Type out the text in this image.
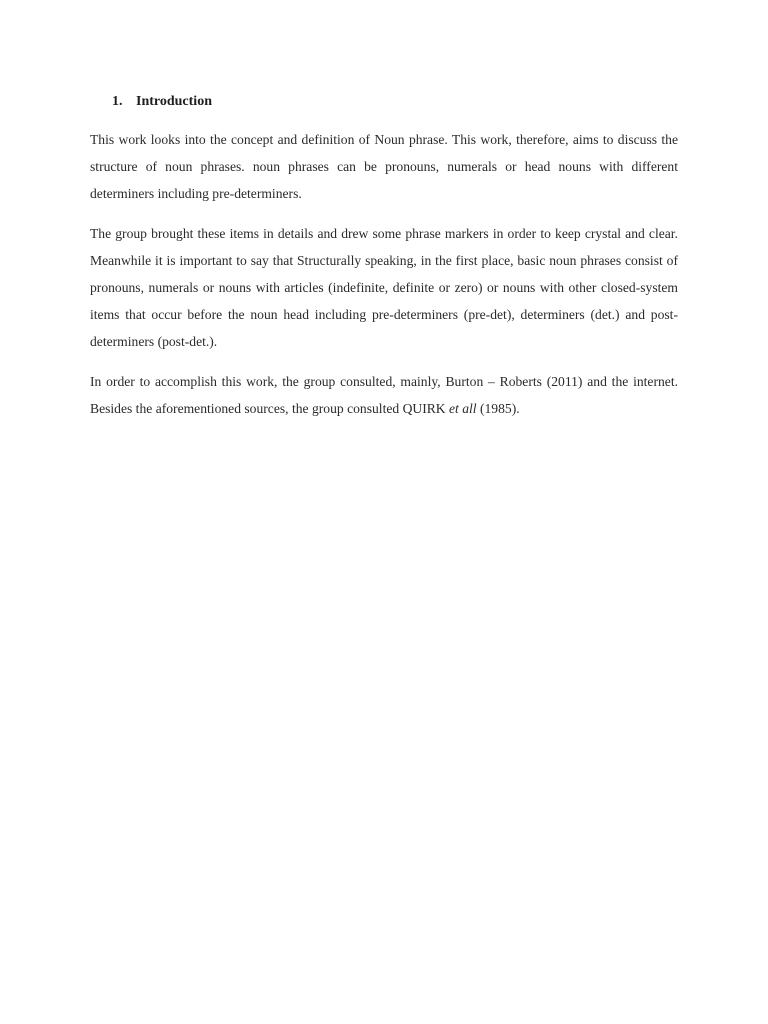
1. Introduction

This work looks into the concept and definition of Noun phrase. This work, therefore, aims to discuss the structure of noun phrases. noun phrases can be pronouns, numerals or head nouns with different determiners including pre-determiners.

The group brought these items in details and drew some phrase markers in order to keep crystal and clear. Meanwhile it is important to say that Structurally speaking, in the first place, basic noun phrases consist of pronouns, numerals or nouns with articles (indefinite, definite or zero) or nouns with other closed-system items that occur before the noun head including pre-determiners (pre-det), determiners (det.) and post-determiners (post-det.).

In order to accomplish this work, the group consulted, mainly, Burton – Roberts (2011) and the internet. Besides the aforementioned sources, the group consulted QUIRK et all (1985).
